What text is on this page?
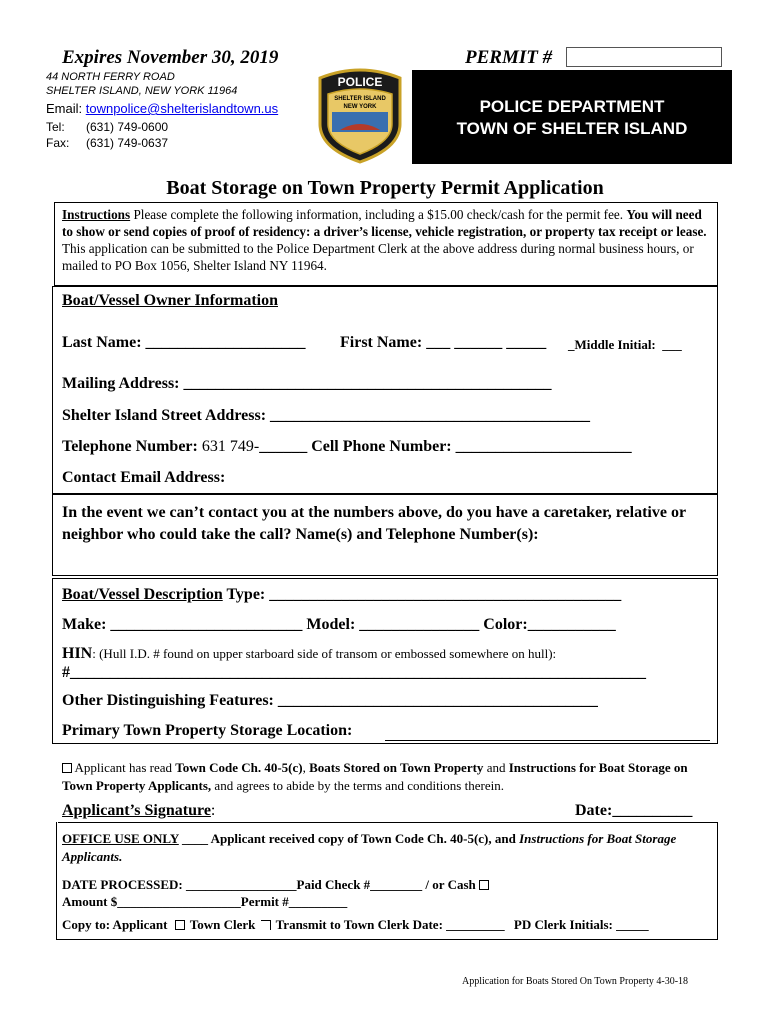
Expires November 30, 2019	PERMIT #
44 NORTH FERRY ROAD
SHELTER ISLAND, NEW YORK 11964
Email: townpolice@shelterislandtown.us
Tel: (631) 749-0600
Fax: (631) 749-0637
POLICE
SHELTER ISLAND
NEW YORK	POLICE DEPARTMENT
TOWN OF SHELTER ISLAND
Boat Storage on Town Property Permit Application
Instructions Please complete the following information, including a $15.00 check/cash for the permit fee. You will need to show or send copies of proof of residency: a driver’s license, vehicle registration, or property tax receipt or lease. This application can be submitted to the Police Department Clerk at the above address during normal business hours, or mailed to PO Box 1056, Shelter Island NY 11964.
Boat/Vessel Owner Information
Last Name: ____________________ First Name: ___ ______ _____ _Middle Initial:  ___
Mailing Address: ______________________________________________
Shelter Island Street Address: ________________________________________
Telephone Number: 631 749-______ Cell Phone Number: ______________________
Contact Email Address:
In the event we can’t contact you at the numbers above, do you have a caretaker, relative or neighbor who could take the call? Name(s) and Telephone Number(s):
Boat/Vessel Description Type: ____________________________________________
Make: ________________________ Model: _______________ Color:___________
HIN: (Hull I.D. # found on upper starboard side of transom or embossed somewhere on hull):
#________________________________________________________________________
Other Distinguishing Features: ________________________________________
Primary Town Property Storage Location:
Applicant has read Town Code Ch. 40-5(c), Boats Stored on Town Property and Instructions for Boat Storage on Town Property Applicants, and agrees to abide by the terms and conditions therein.
Applicant’s Signature:	Date:__________
OFFICE USE ONLY ____ Applicant received copy of Town Code Ch. 40-5(c), and Instructions for Boat Storage Applicants.
DATE PROCESSED: _________________Paid Check #________ / or Cash
Amount $___________________Permit #_________
Copy to: Applicant Town Clerk Transmit to Town Clerk Date: _________ PD Clerk Initials: _____
Application for Boats Stored On Town Property 4-30-18
